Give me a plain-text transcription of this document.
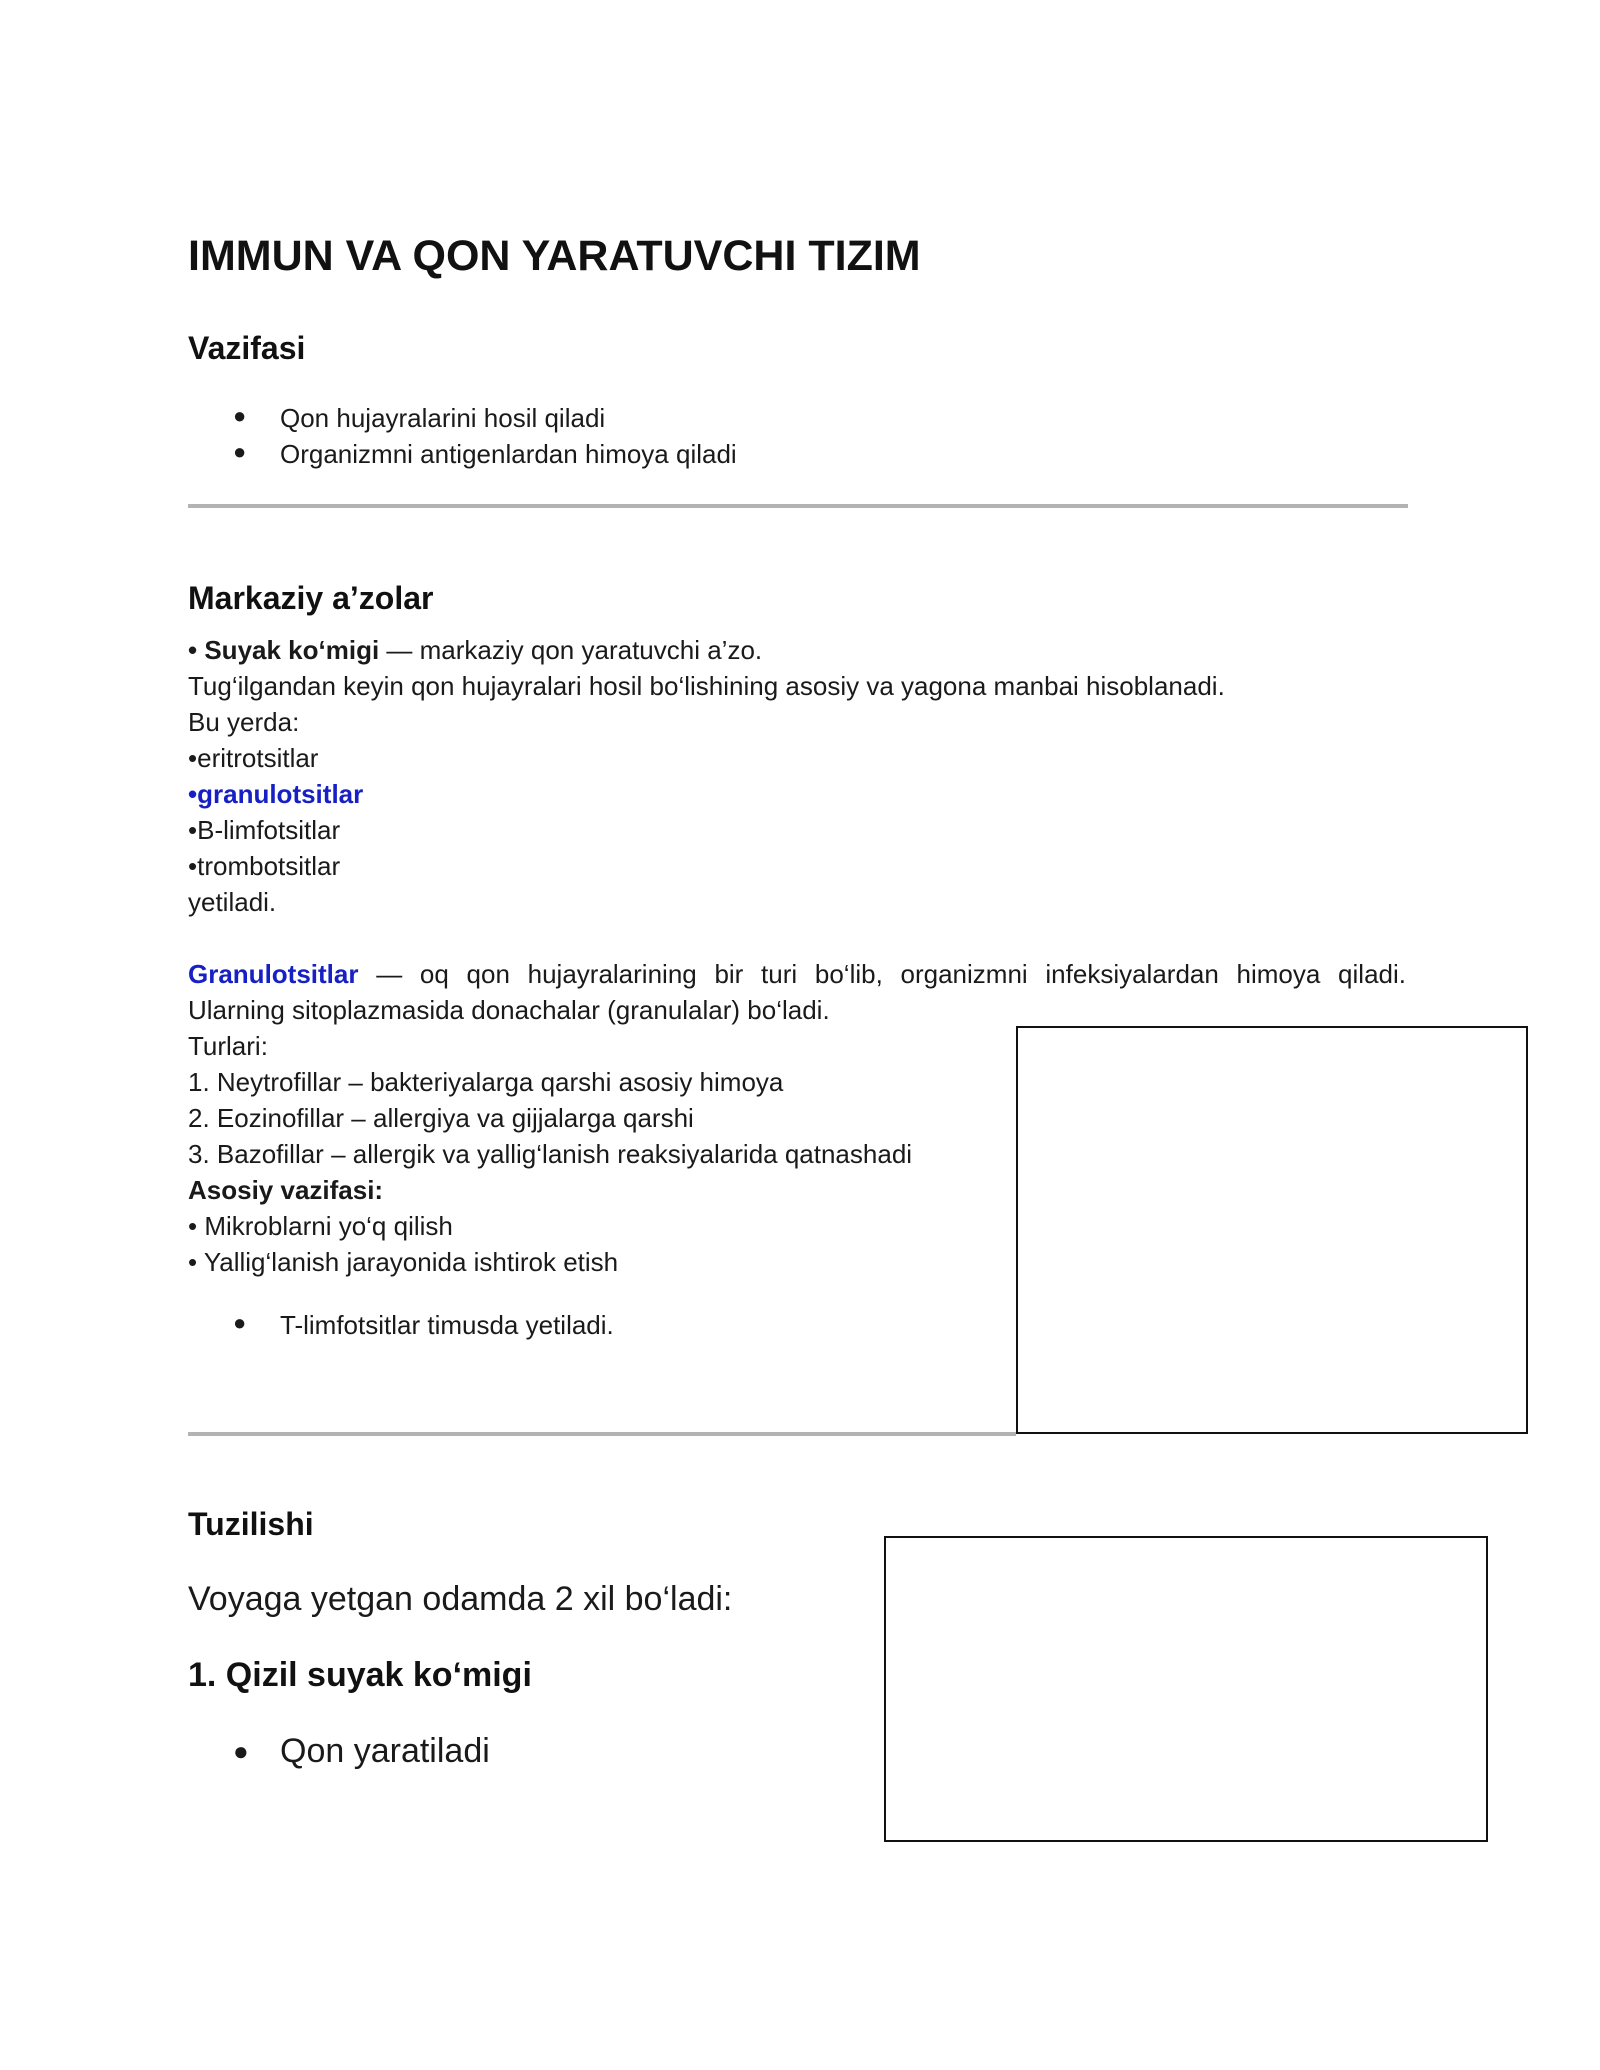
IMMUN VA QON YARATUVCHI TIZIM
Vazifasi
● Qon hujayralarini hosil qiladi
● Organizmni antigenlardan himoya qiladi
Markaziy a’zolar
• Suyak ko‘migi — markaziy qon yaratuvchi a’zo.
Tug‘ilgandan keyin qon hujayralari hosil bo‘lishining asosiy va yagona manbai hisoblanadi.
Bu yerda:
•eritrotsitlar
•granulotsitlar
•B-limfotsitlar
•trombotsitlar
yetiladi.
Granulotsitlar — oq qon hujayralarining bir turi bo‘lib, organizmni infeksiyalardan himoya qiladi.
Ularning sitoplazmasida donachalar (granulalar) bo‘ladi.
Turlari:
1. Neytrofillar – bakteriyalarga qarshi asosiy himoya
2. Eozinofillar – allergiya va gijjalarga qarshi
3. Bazofillar – allergik va yallig‘lanish reaksiyalarida qatnashadi
Asosiy vazifasi:
• Mikroblarni yo‘q qilish
• Yallig‘lanish jarayonida ishtirok etish
● T-limfotsitlar timusda yetiladi.
Tuzilishi
Voyaga yetgan odamda 2 xil bo‘ladi:
1. Qizil suyak ko‘migi
● Qon yaratiladi
